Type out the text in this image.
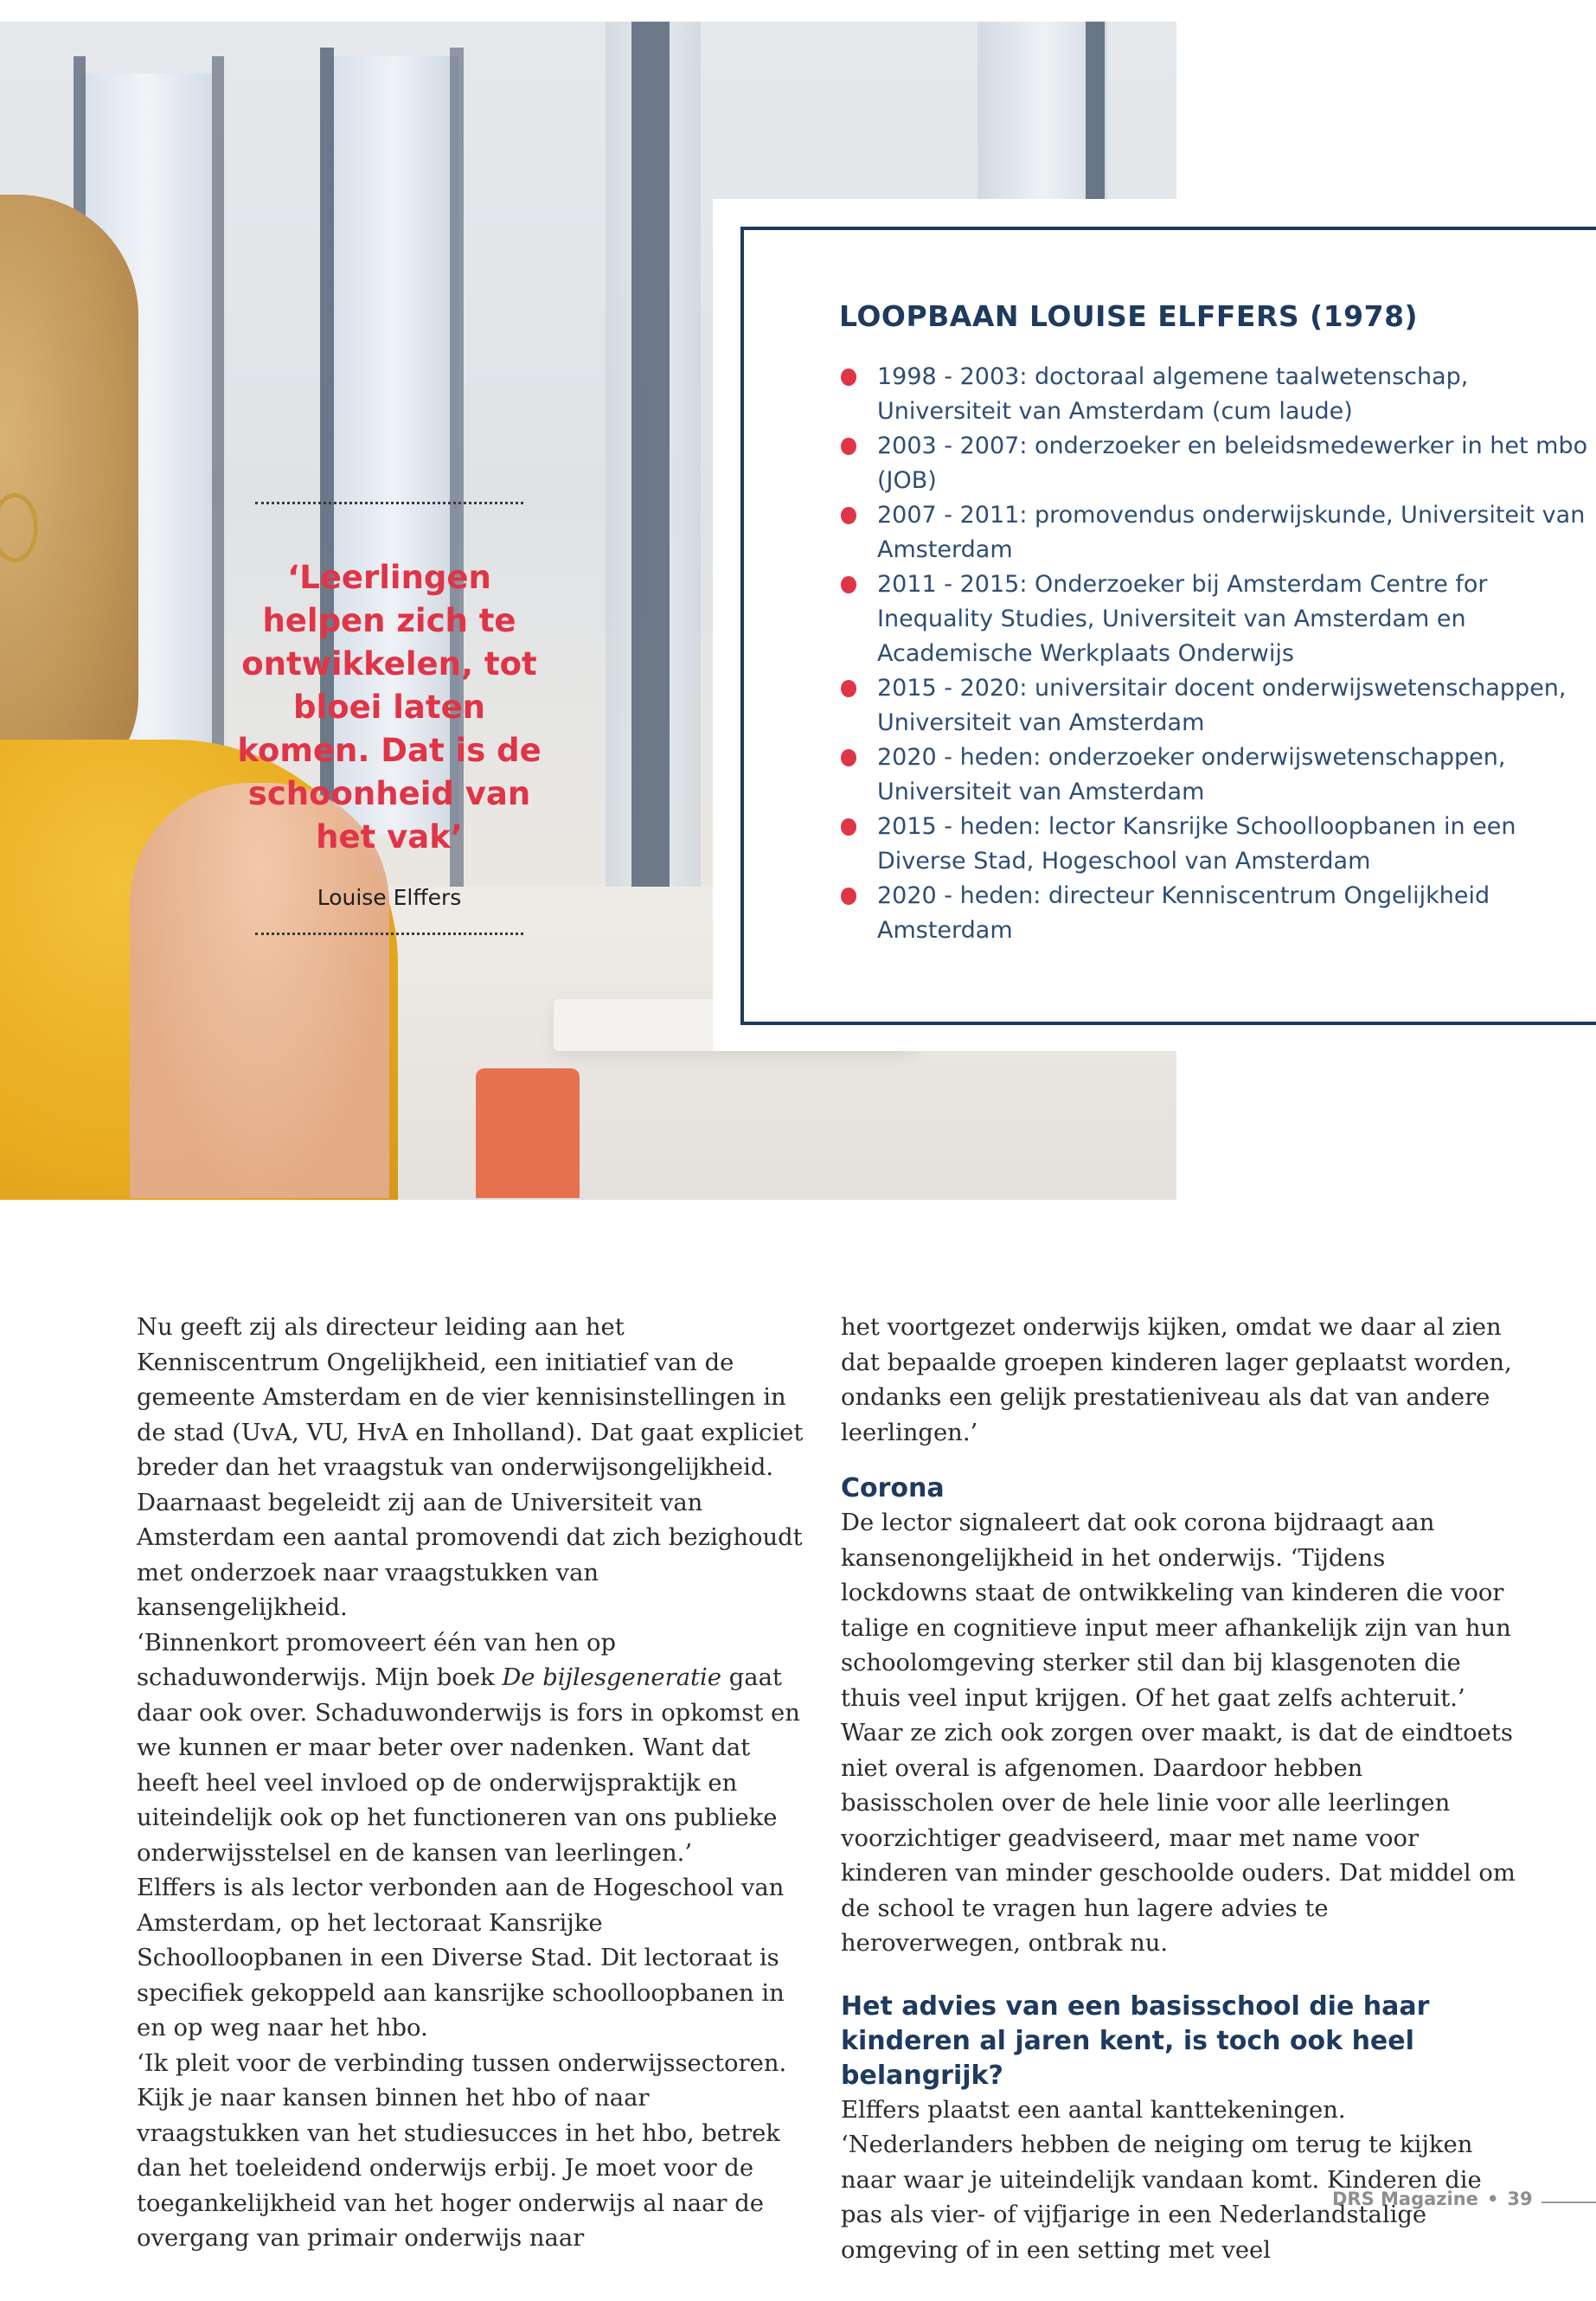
‘Leerlingen helpen zich te ontwikkelen, tot bloei laten komen. Dat is de schoonheid van het vak’
Louise Elffers
LOOPBAAN LOUISE ELFFERS (1978)
1998 - 2003: doctoraal algemene taalwetenschap, Universiteit van Amsterdam (cum laude)
2003 - 2007: onderzoeker en beleidsmedewerker in het mbo (JOB)
2007 - 2011: promovendus onderwijskunde, Universiteit van Amsterdam
2011 - 2015: Onderzoeker bij Amsterdam Centre for Inequality Studies, Universiteit van Amsterdam en Academische Werkplaats Onderwijs
2015 - 2020: universitair docent onderwijswetenschappen, Universiteit van Amsterdam
2020 - heden: onderzoeker onderwijswetenschappen, Universiteit van Amsterdam
2015 - heden: lector Kansrijke Schoolloopbanen in een Diverse Stad, Hogeschool van Amsterdam
2020 - heden: directeur Kenniscentrum Ongelijkheid Amsterdam

Nu geeft zij als directeur leiding aan het Kenniscentrum Ongelijkheid, een initiatief van de gemeente Amsterdam en de vier kennisinstellingen in de stad (UvA, VU, HvA en Inholland). Dat gaat expliciet breder dan het vraagstuk van onderwijsongelijkheid.

Daarnaast begeleidt zij aan de Universiteit van Amsterdam een aantal promovendi dat zich bezighoudt met onderzoek naar vraagstukken van kansengelijkheid.

‘Binnenkort promoveert één van hen op schaduwonderwijs. Mijn boek De bijlesgeneratie gaat daar ook over. Schaduwonderwijs is fors in opkomst en we kunnen er maar beter over nadenken. Want dat heeft heel veel invloed op de onderwijspraktijk en uiteindelijk ook op het functioneren van ons publieke onderwijsstelsel en de kansen van leerlingen.’

Elffers is als lector verbonden aan de Hogeschool van Amsterdam, op het lectoraat Kansrijke Schoolloopbanen in een Diverse Stad. Dit lectoraat is specifiek gekoppeld aan kansrijke schoolloopbanen in en op weg naar het hbo.

‘Ik pleit voor de verbinding tussen onderwijssectoren. Kijk je naar kansen binnen het hbo of naar vraagstukken van het studiesucces in het hbo, betrek dan het toeleidend onderwijs erbij. Je moet voor de toegankelijkheid van het hoger onderwijs al naar de overgang van primair onderwijs naar

het voortgezet onderwijs kijken, omdat we daar al zien dat bepaalde groepen kinderen lager geplaatst worden, ondanks een gelijk prestatieniveau als dat van andere leerlingen.’

Corona

De lector signaleert dat ook corona bijdraagt aan kansenongelijkheid in het onderwijs. ‘Tijdens lockdowns staat de ontwikkeling van kinderen die voor talige en cognitieve input meer afhankelijk zijn van hun schoolomgeving sterker stil dan bij klasgenoten die thuis veel input krijgen. Of het gaat zelfs achteruit.’ Waar ze zich ook zorgen over maakt, is dat de eindtoets niet overal is afgenomen. Daardoor hebben basisscholen over de hele linie voor alle leerlingen voorzichtiger geadviseerd, maar met name voor kinderen van minder geschoolde ouders. Dat middel om de school te vragen hun lagere advies te heroverwegen, ontbrak nu.

Het advies van een basisschool die haar kinderen al jaren kent, is toch ook heel belangrijk?

Elffers plaatst een aantal kanttekeningen. ‘Nederlanders hebben de neiging om terug te kijken naar waar je uiteindelijk vandaan komt. Kinderen die pas als vier- of vijfjarige in een Nederlandstalige omgeving of in een setting met veel

DRS Magazine • 39
